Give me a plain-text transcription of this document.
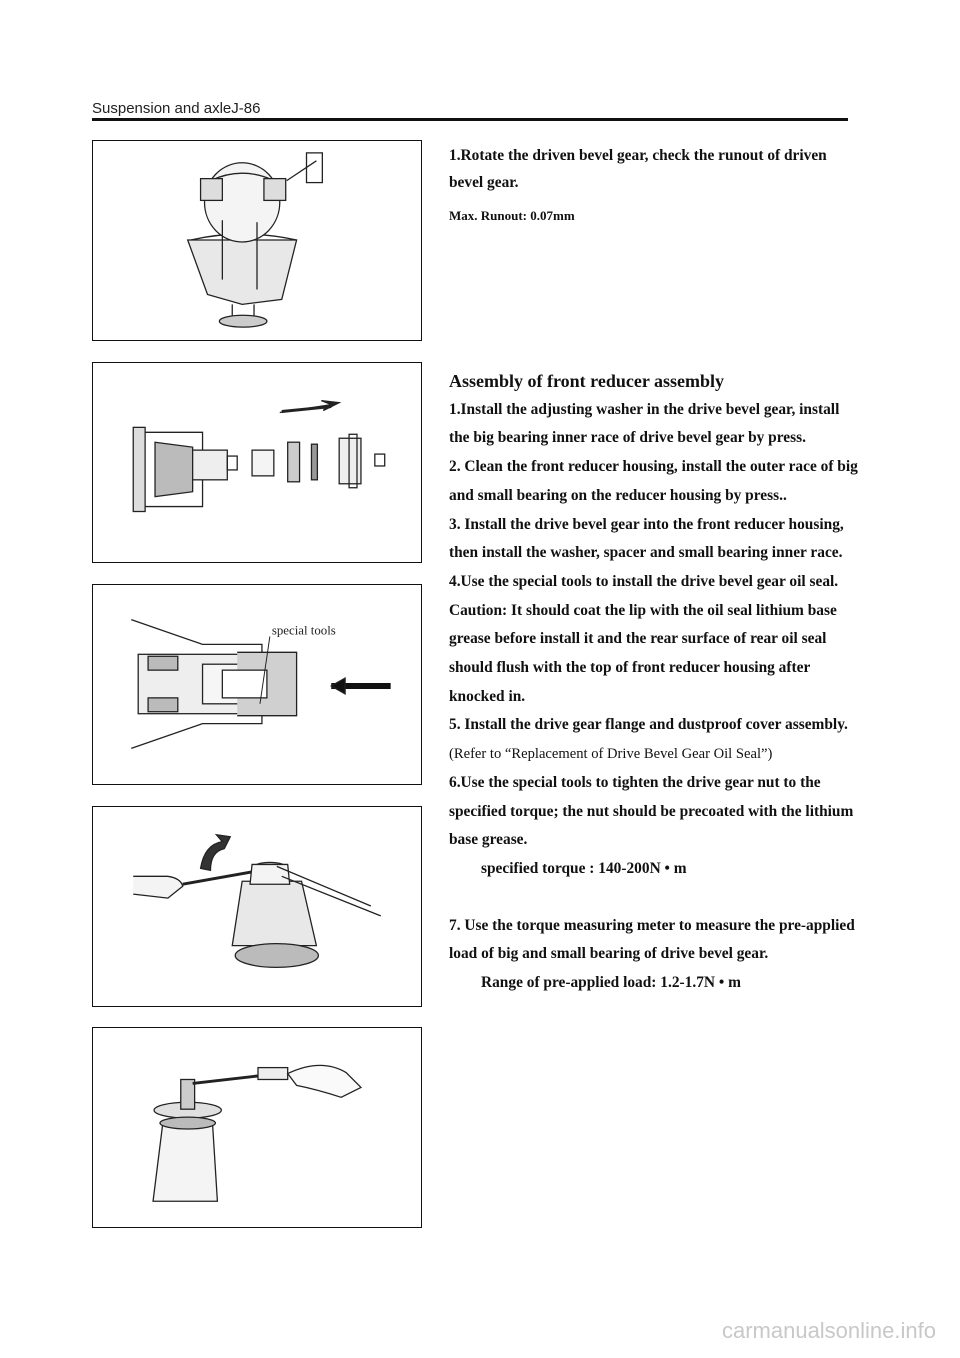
Suspension and axleJ-86
special tools

1.Rotate the driven bevel gear, check the runout of driven bevel gear.

Max. Runout: 0.07mm

Assembly of front reducer assembly

1.Install the adjusting washer in the drive bevel gear, install the big bearing inner race of drive bevel gear by press.

2. Clean the front reducer housing, install the outer race of big and small bearing on the reducer housing by press..

3. Install the drive bevel gear into the front reducer housing, then install the washer, spacer and small bearing inner race.

4.Use the special tools to install the drive bevel gear oil seal.

Caution: It should coat the lip with the oil seal lithium base grease before install it and the rear surface of rear oil seal should flush with the top of front reducer housing after knocked in.

5. Install the drive gear flange and dustproof cover assembly.

(Refer to “Replacement of Drive Bevel Gear Oil Seal”)

6.Use the special tools to tighten the drive gear nut to the specified torque; the nut should be precoated with the lithium base grease.

specified torque : 140-200N • m

7. Use the torque measuring meter to measure the pre-applied load of big and small bearing of drive bevel gear.

Range of pre-applied load: 1.2-1.7N • m

carmanualsonline.info
